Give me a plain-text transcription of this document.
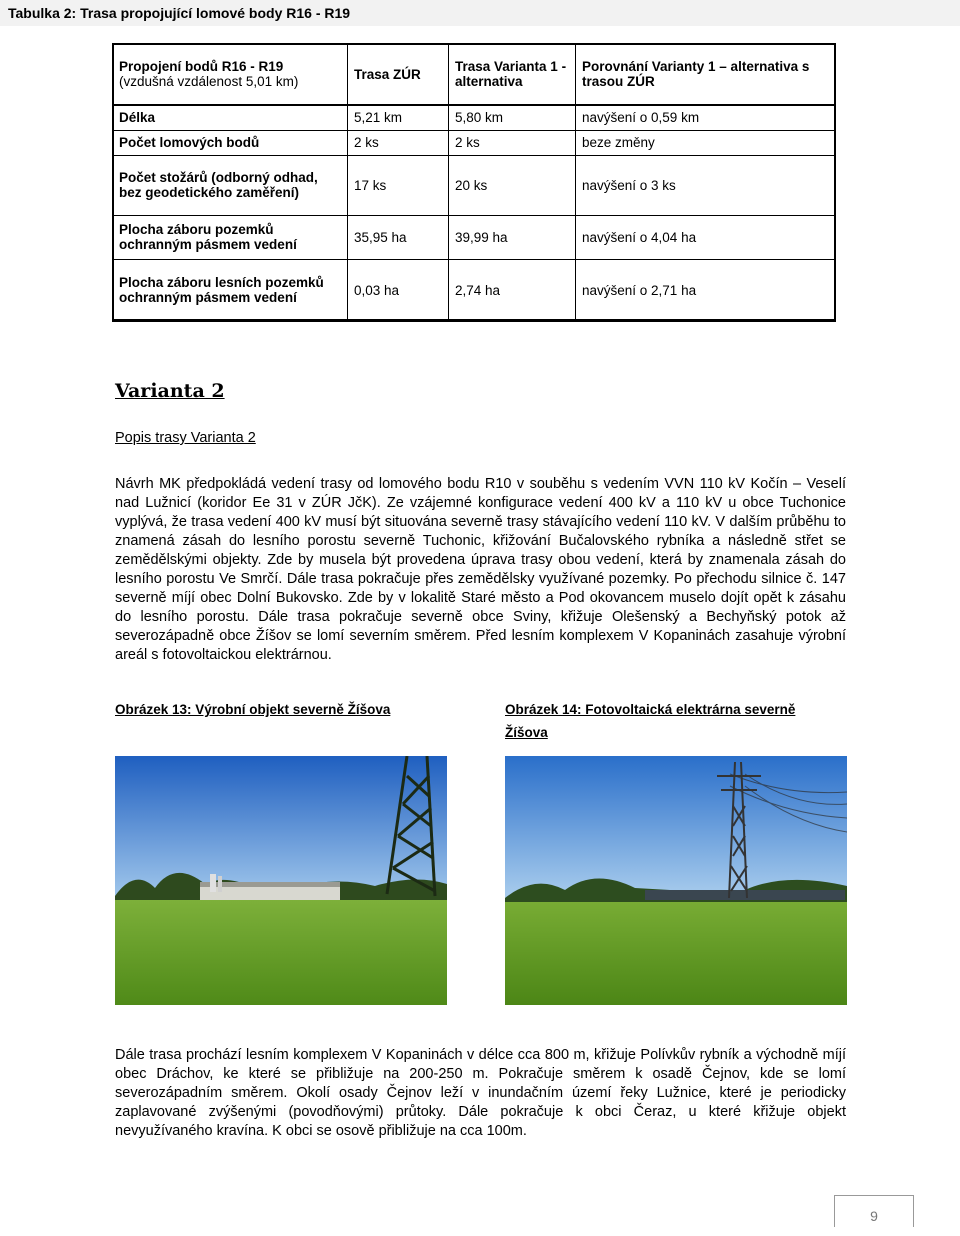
Tabulka 2: Trasa propojující lomové body R16 - R19
Propojení bodů R16 - R19
(vzdušná vzdálenost 5,01 km)	Trasa ZÚR	Trasa Varianta 1 - alternativa	Porovnání Varianty 1 – alternativa s trasou ZÚR
Délka	5,21 km	5,80 km	navýšení o 0,59 km
Počet lomových bodů	2 ks	2 ks	beze změny
Počet stožárů (odborný odhad, bez geodetického zaměření)	17 ks	20 ks	navýšení o 3 ks
Plocha záboru pozemků ochranným pásmem vedení	35,95 ha	39,99 ha	navýšení o 4,04 ha
Plocha záboru lesních pozemků ochranným pásmem vedení	0,03 ha	2,74 ha	navýšení o 2,71 ha
Varianta 2
Popis trasy Varianta 2

Návrh MK předpokládá vedení trasy od lomového bodu R10 v souběhu s vedením VVN 110 kV Kočín – Veselí nad Lužnicí (koridor Ee 31 v ZÚR JčK). Ze vzájemné konfigurace vedení 400 kV a 110 kV u obce Tuchonice vyplývá, že trasa vedení 400 kV musí být situována severně trasy stávajícího vedení 110 kV. V dalším průběhu to znamená zásah do lesního porostu severně Tuchonic, křižování Bučalovského rybníka a následně střet se zemědělskými objekty. Zde by musela být provedena úprava trasy obou vedení, která by znamenala zásah do lesního porostu Ve Smrčí. Dále trasa pokračuje přes zemědělsky využívané pozemky. Po přechodu silnice č. 147 severně míjí obec Dolní Bukovsko. Zde by v lokalitě Staré město a Pod okovancem muselo dojít opět k zásahu do lesního porostu. Dále trasa pokračuje severně obce Sviny, křižuje Olešenský a Bechyňský potok až severozápadně obce Žíšov se lomí severním směrem. Před lesním komplexem V Kopaninách zasahuje výrobní areál s fotovoltaickou elektrárnou.

Obrázek 13: Výrobní objekt severně Žíšova	Obrázek 14: Fotovoltaická elektrárna severně
Žíšova

Dále trasa prochází lesním komplexem V Kopaninách v délce cca 800 m, křižuje Polívkův rybník a východně míjí obec Dráchov, ke které se přibližuje na 200-250 m. Pokračuje směrem k osadě Čejnov, kde se lomí severozápadním směrem. Okolí osady Čejnov leží v inundačním území řeky Lužnice, které je periodicky zaplavované zvýšenými (povodňovými) průtoky. Dále pokračuje k obci Čeraz, u které křižuje objekt nevyužívaného kravína. K obci se osově přibližuje na cca 100m.

9
